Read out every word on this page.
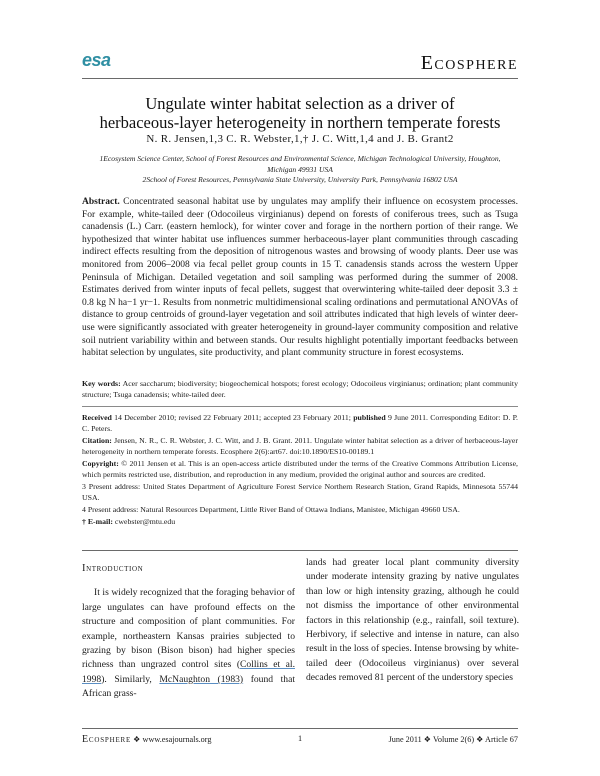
esa	Ecosphere
Ungulate winter habitat selection as a driver of
herbaceous-layer heterogeneity in northern temperate forests
N. R. Jensen,1,3 C. R. Webster,1,† J. C. Witt,1,4 and J. B. Grant2
1Ecosystem Science Center, School of Forest Resources and Environmental Science, Michigan Technological University, Houghton, Michigan 49931 USA
2School of Forest Resources, Pennsylvania State University, University Park, Pennsylvania 16802 USA
Abstract. Concentrated seasonal habitat use by ungulates may amplify their influence on ecosystem processes. For example, white-tailed deer (Odocoileus virginianus) depend on forests of coniferous trees, such as Tsuga canadensis (L.) Carr. (eastern hemlock), for winter cover and forage in the northern portion of their range. We hypothesized that winter habitat use influences summer herbaceous-layer plant communities through cascading indirect effects resulting from the deposition of nitrogenous wastes and browsing of woody plants. Deer use was monitored from 2006–2008 via fecal pellet group counts in 15 T. canadensis stands across the western Upper Peninsula of Michigan. Detailed vegetation and soil sampling was performed during the summer of 2008. Estimates derived from winter inputs of fecal pellets, suggest that overwintering white-tailed deer deposit 3.3 ± 0.8 kg N ha−1 yr−1. Results from nonmetric multidimensional scaling ordinations and permutational ANOVAs of distance to group centroids of ground-layer vegetation and soil attributes indicated that high levels of winter deer-use were significantly associated with greater heterogeneity in ground-layer community composition and relative soil nutrient variability within and between stands. Our results highlight potentially important feedbacks between habitat selection by ungulates, site productivity, and plant community structure in forest ecosystems.
Key words: Acer saccharum; biodiversity; biogeochemical hotspots; forest ecology; Odocoileus virginianus; ordination; plant community structure; Tsuga canadensis; white-tailed deer.

Received 14 December 2010; revised 22 February 2011; accepted 23 February 2011; published 9 June 2011. Corresponding Editor: D. P. C. Peters.

Citation: Jensen, N. R., C. R. Webster, J. C. Witt, and J. B. Grant. 2011. Ungulate winter habitat selection as a driver of herbaceous-layer heterogeneity in northern temperate forests. Ecosphere 2(6):art67. doi:10.1890/ES10-00189.1

Copyright: © 2011 Jensen et al. This is an open-access article distributed under the terms of the Creative Commons Attribution License, which permits restricted use, distribution, and reproduction in any medium, provided the original author and sources are credited.

3 Present address: United States Department of Agriculture Forest Service Northern Research Station, Grand Rapids, Minnesota 55744 USA.

4 Present address: Natural Resources Department, Little River Band of Ottawa Indians, Manistee, Michigan 49660 USA.

† E-mail: cwebster@mtu.edu

Introduction

It is widely recognized that the foraging behavior of large ungulates can have profound effects on the structure and composition of plant communities. For example, northeastern Kansas prairies subjected to grazing by bison (Bison bison) had higher species richness than ungrazed control sites (Collins et al. 1998). Similarly, McNaughton (1983) found that African grass-

lands had greater local plant community diversity under moderate intensity grazing by native ungulates than low or high intensity grazing, although he could not dismiss the importance of other environmental factors in this relationship (e.g., rainfall, soil texture). Herbivory, if selective and intense in nature, can also result in the loss of species. Intense browsing by white-tailed deer (Odocoileus virginianus) over several decades removed 81 percent of the understory species

Ecosphere ❖ www.esajournals.org	1	June 2011 ❖ Volume 2(6) ❖ Article 67
